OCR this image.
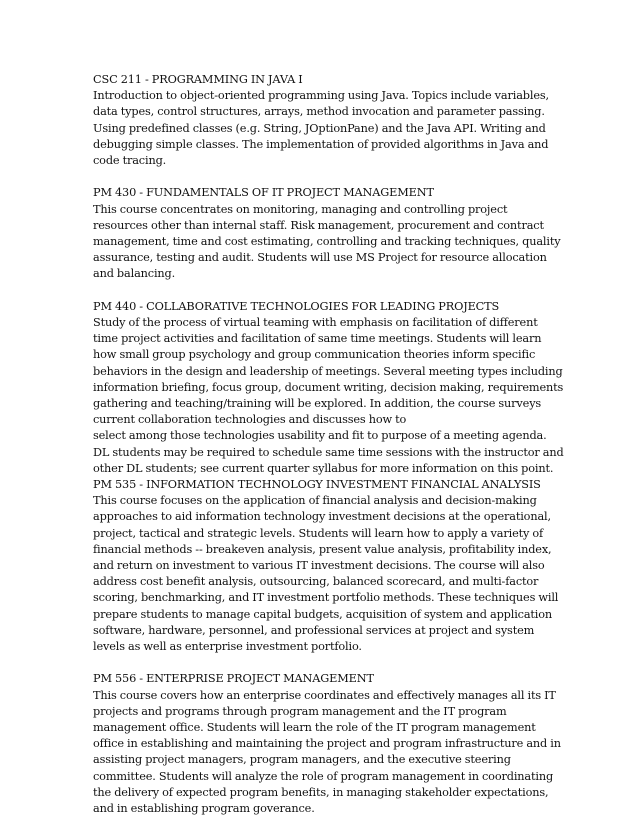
CSC 211 - PROGRAMMING IN JAVA I
Introduction to object-oriented programming using Java. Topics include variables,
data types, control structures, arrays, method invocation and parameter passing.
Using predefined classes (e.g. String, JOptionPane) and the Java API. Writing and
debugging simple classes. The implementation of provided algorithms in Java and
code tracing.
PM 430 - FUNDAMENTALS OF IT PROJECT MANAGEMENT
This course concentrates on monitoring, managing and controlling project
resources other than internal staff. Risk management, procurement and contract
management, time and cost estimating, controlling and tracking techniques, quality
assurance, testing and audit. Students will use MS Project for resource allocation
and balancing.
PM 440 - COLLABORATIVE TECHNOLOGIES FOR LEADING PROJECTS
Study of the process of virtual teaming with emphasis on facilitation of different
time project activities and facilitation of same time meetings. Students will learn
how small group psychology and group communication theories inform specific
behaviors in the design and leadership of meetings. Several meeting types including
information briefing, focus group, document writing, decision making, requirements
gathering and teaching/training will be explored. In addition, the course surveys
current collaboration technologies and discusses how to
select among those technologies usability and fit to purpose of a meeting agenda.
DL students may be required to schedule same time sessions with the instructor and
other DL students; see current quarter syllabus for more information on this point.
PM 535 - INFORMATION TECHNOLOGY INVESTMENT FINANCIAL ANALYSIS
This course focuses on the application of financial analysis and decision-making
approaches to aid information technology investment decisions at the operational,
project, tactical and strategic levels. Students will learn how to apply a variety of
financial methods -- breakeven analysis, present value analysis, profitability index,
and return on investment to various IT investment decisions. The course will also
address cost benefit analysis, outsourcing, balanced scorecard, and multi-factor
scoring, benchmarking, and IT investment portfolio methods. These techniques will
prepare students to manage capital budgets, acquisition of system and application
software, hardware, personnel, and professional services at project and system
levels as well as enterprise investment portfolio.
PM 556 - ENTERPRISE PROJECT MANAGEMENT
This course covers how an enterprise coordinates and effectively manages all its IT
projects and programs through program management and the IT program
management office. Students will learn the role of the IT program management
office in establishing and maintaining the project and program infrastructure and in
assisting project managers, program managers, and the executive steering
committee. Students will analyze the role of program management in coordinating
the delivery of expected program benefits, in managing stakeholder expectations,
and in establishing program goverance.
